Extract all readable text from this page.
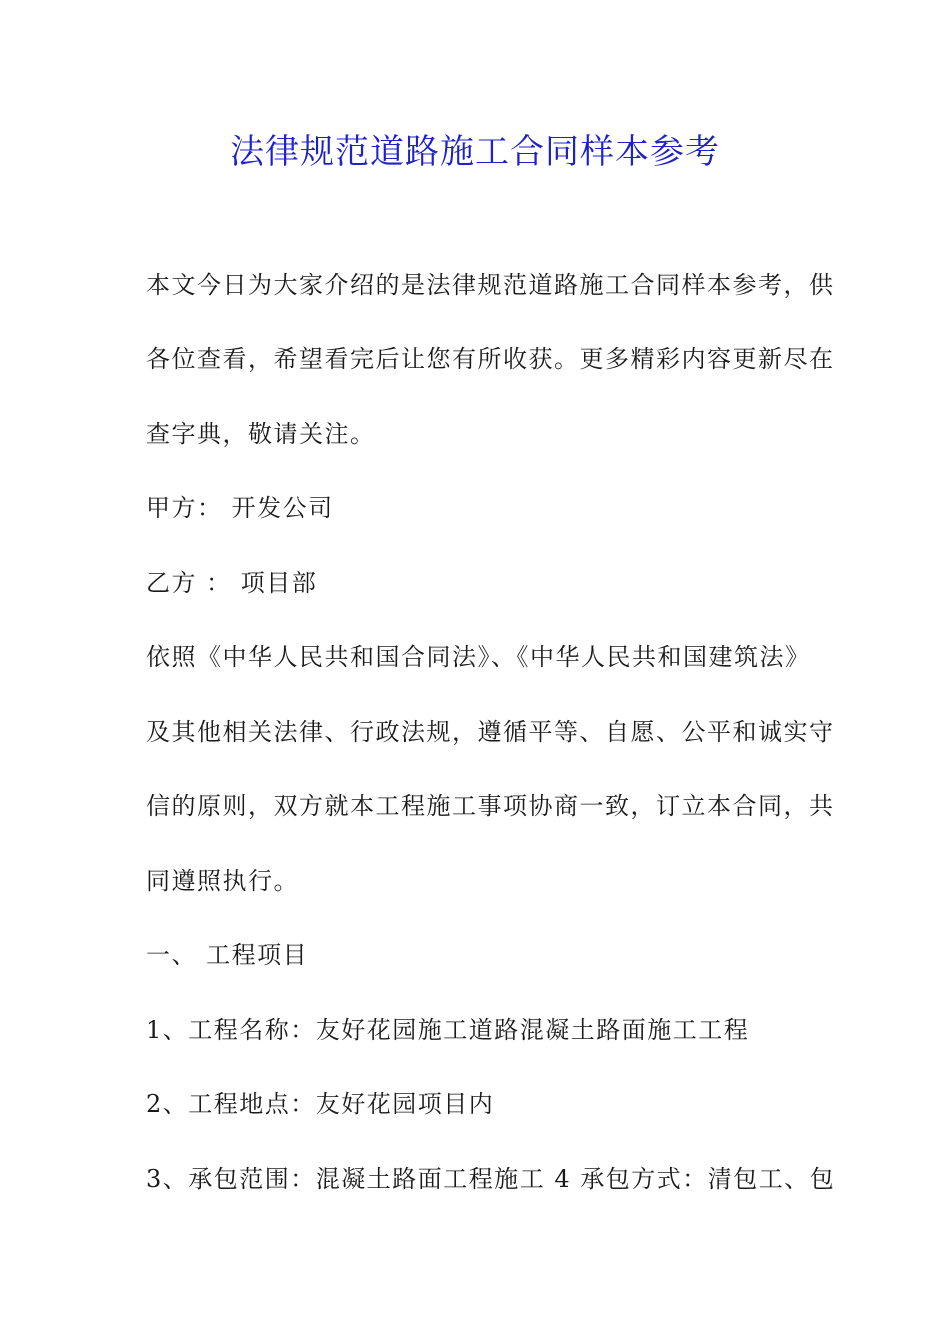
法律规范道路施工合同样本参考
本文今日为大家介绍的是法律规范道路施工合同样本参考，供
各位查看，希望看完后让您有所收获。更多精彩内容更新尽在
查字典，敬请关注。
甲方： 开发公司
乙方 ： 项目部
依照《中华人民共和国合同法》、《中华人民共和国建筑法》
及其他相关法律、行政法规，遵循平等、自愿、公平和诚实守
信的原则，双方就本工程施工事项协商一致，订立本合同，共
同遵照执行。
一、 工程项目
1、工程名称：友好花园施工道路混凝土路面施工工程
2、工程地点：友好花园项目内
3、承包范围：混凝土路面工程施工 4 承包方式：清包工、包
